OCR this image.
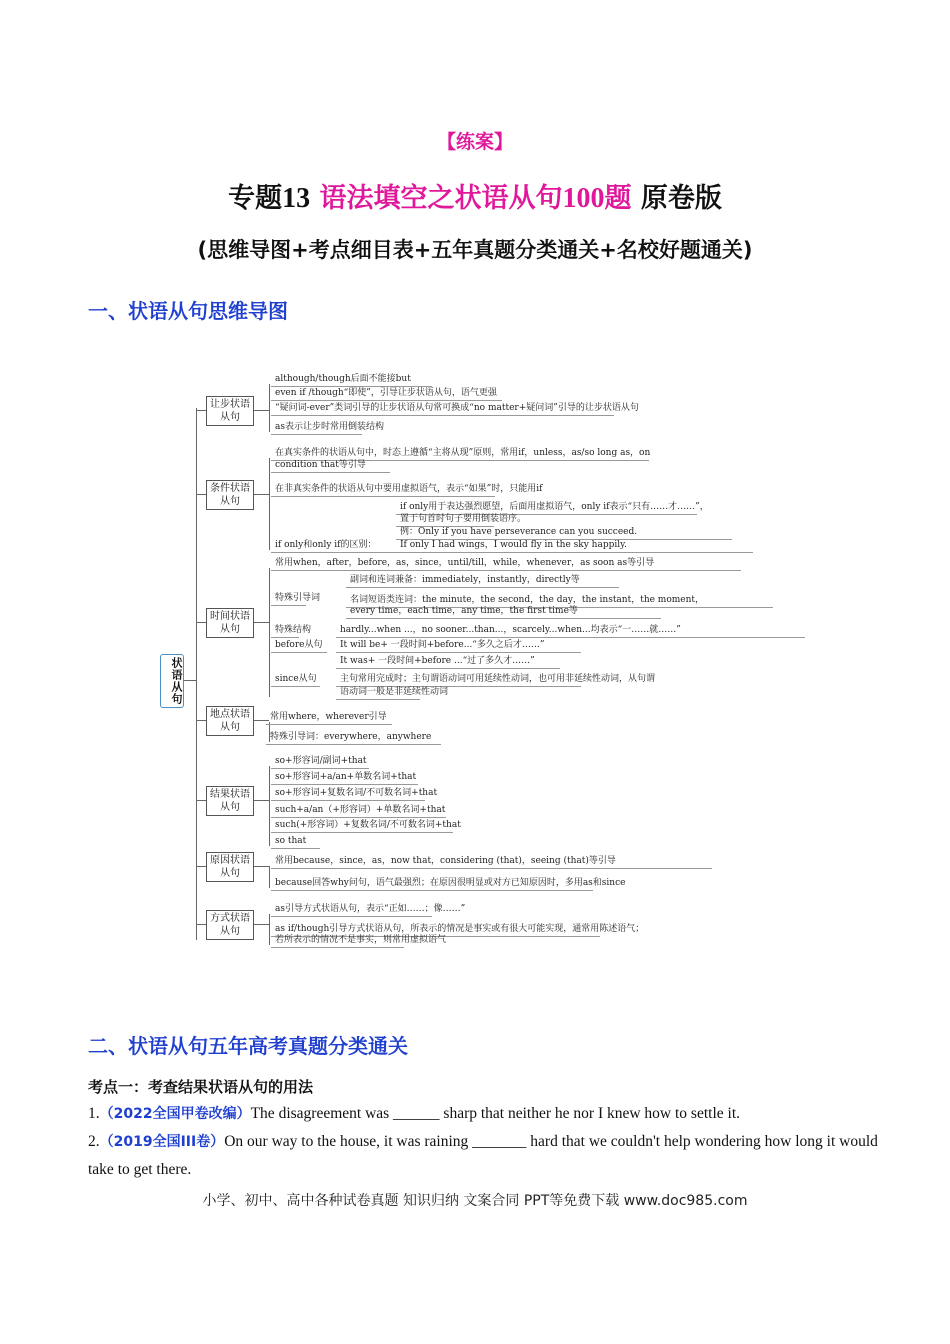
【练案】
专题13 语法填空之状语从句100题 原卷版
(思维导图+考点细目表+五年真题分类通关+名校好题通关)
一、状语从句思维导图
状语从句
让步状语从句
although/though后面不能接but
even if /though“即使”，引导让步状语从句，语气更强
“疑问词-ever”类词引导的让步状语从句常可换成“no matter+疑问词”引导的让步状语从句
as表示让步时常用倒装结构
条件状语从句
在真实条件的状语从句中，时态上遵循“主将从现”原则，常用if，unless，as/so long as，on
condition that等引导
在非真实条件的状语从句中要用虚拟语气，表示“如果”时，只能用if
if only用于表达强烈愿望，后面用虚拟语气，only if表示“只有……才……”，
置于句首时句子要用倒装语序。
例：Only if you have perseverance can you succeed.
if only和only if的区别：	If only I had wings，I would fly in the sky happily.
时间状语从句
常用when，after，before，as，since，until/till，while，whenever，as soon as等引导
副词和连词兼备：immediately，instantly，directly等
特殊引导词	名词短语类连词：the minute，the second，the day，the instant，the moment，
every time，each time，any time，the first time等
特殊结构	hardly...when ...，no sooner...than...，scarcely...when...均表示“一……就……”
before从句 It will be+ 一段时间+before...“多久之后才……”
It was+ 一段时间+before ...“过了多久才……”
since从句	主句常用完成时；主句谓语动词可用延续性动词，也可用非延续性动词，从句谓
语动词一般是非延续性动词
地点状语从句
常用where，wherever引导
特殊引导词：everywhere，anywhere
结果状语从句
so+形容词/副词+that
so+形容词+a/an+单数名词+that
so+形容词+复数名词/不可数名词+that
such+a/an（+形容词）+单数名词+that
such(+形容词）+复数名词/不可数名词+that
so that
原因状语从句
常用because，since，as，now that，considering (that)，seeing (that)等引导
because回答why问句，语气最强烈；在原因很明显或对方已知原因时，多用as和since
方式状语从句
as引导方式状语从句，表示“正如……；像……”
as if/though引导方式状语从句，所表示的情况是事实或有很大可能实现，通常用陈述语气；
若所表示的情况不是事实，则常用虚拟语气
二、状语从句五年高考真题分类通关
考点一：考查结果状语从句的用法
1.（2022全国甲卷改编）The disagreement was ______ sharp that neither he nor I knew how to settle it.
2.（2019全国III卷）On our way to the house, it was raining _______ hard that we couldn't help wondering how long it would take to get there.
小学、初中、高中各种试卷真题 知识归纳 文案合同 PPT等免费下载 www.doc985.com
